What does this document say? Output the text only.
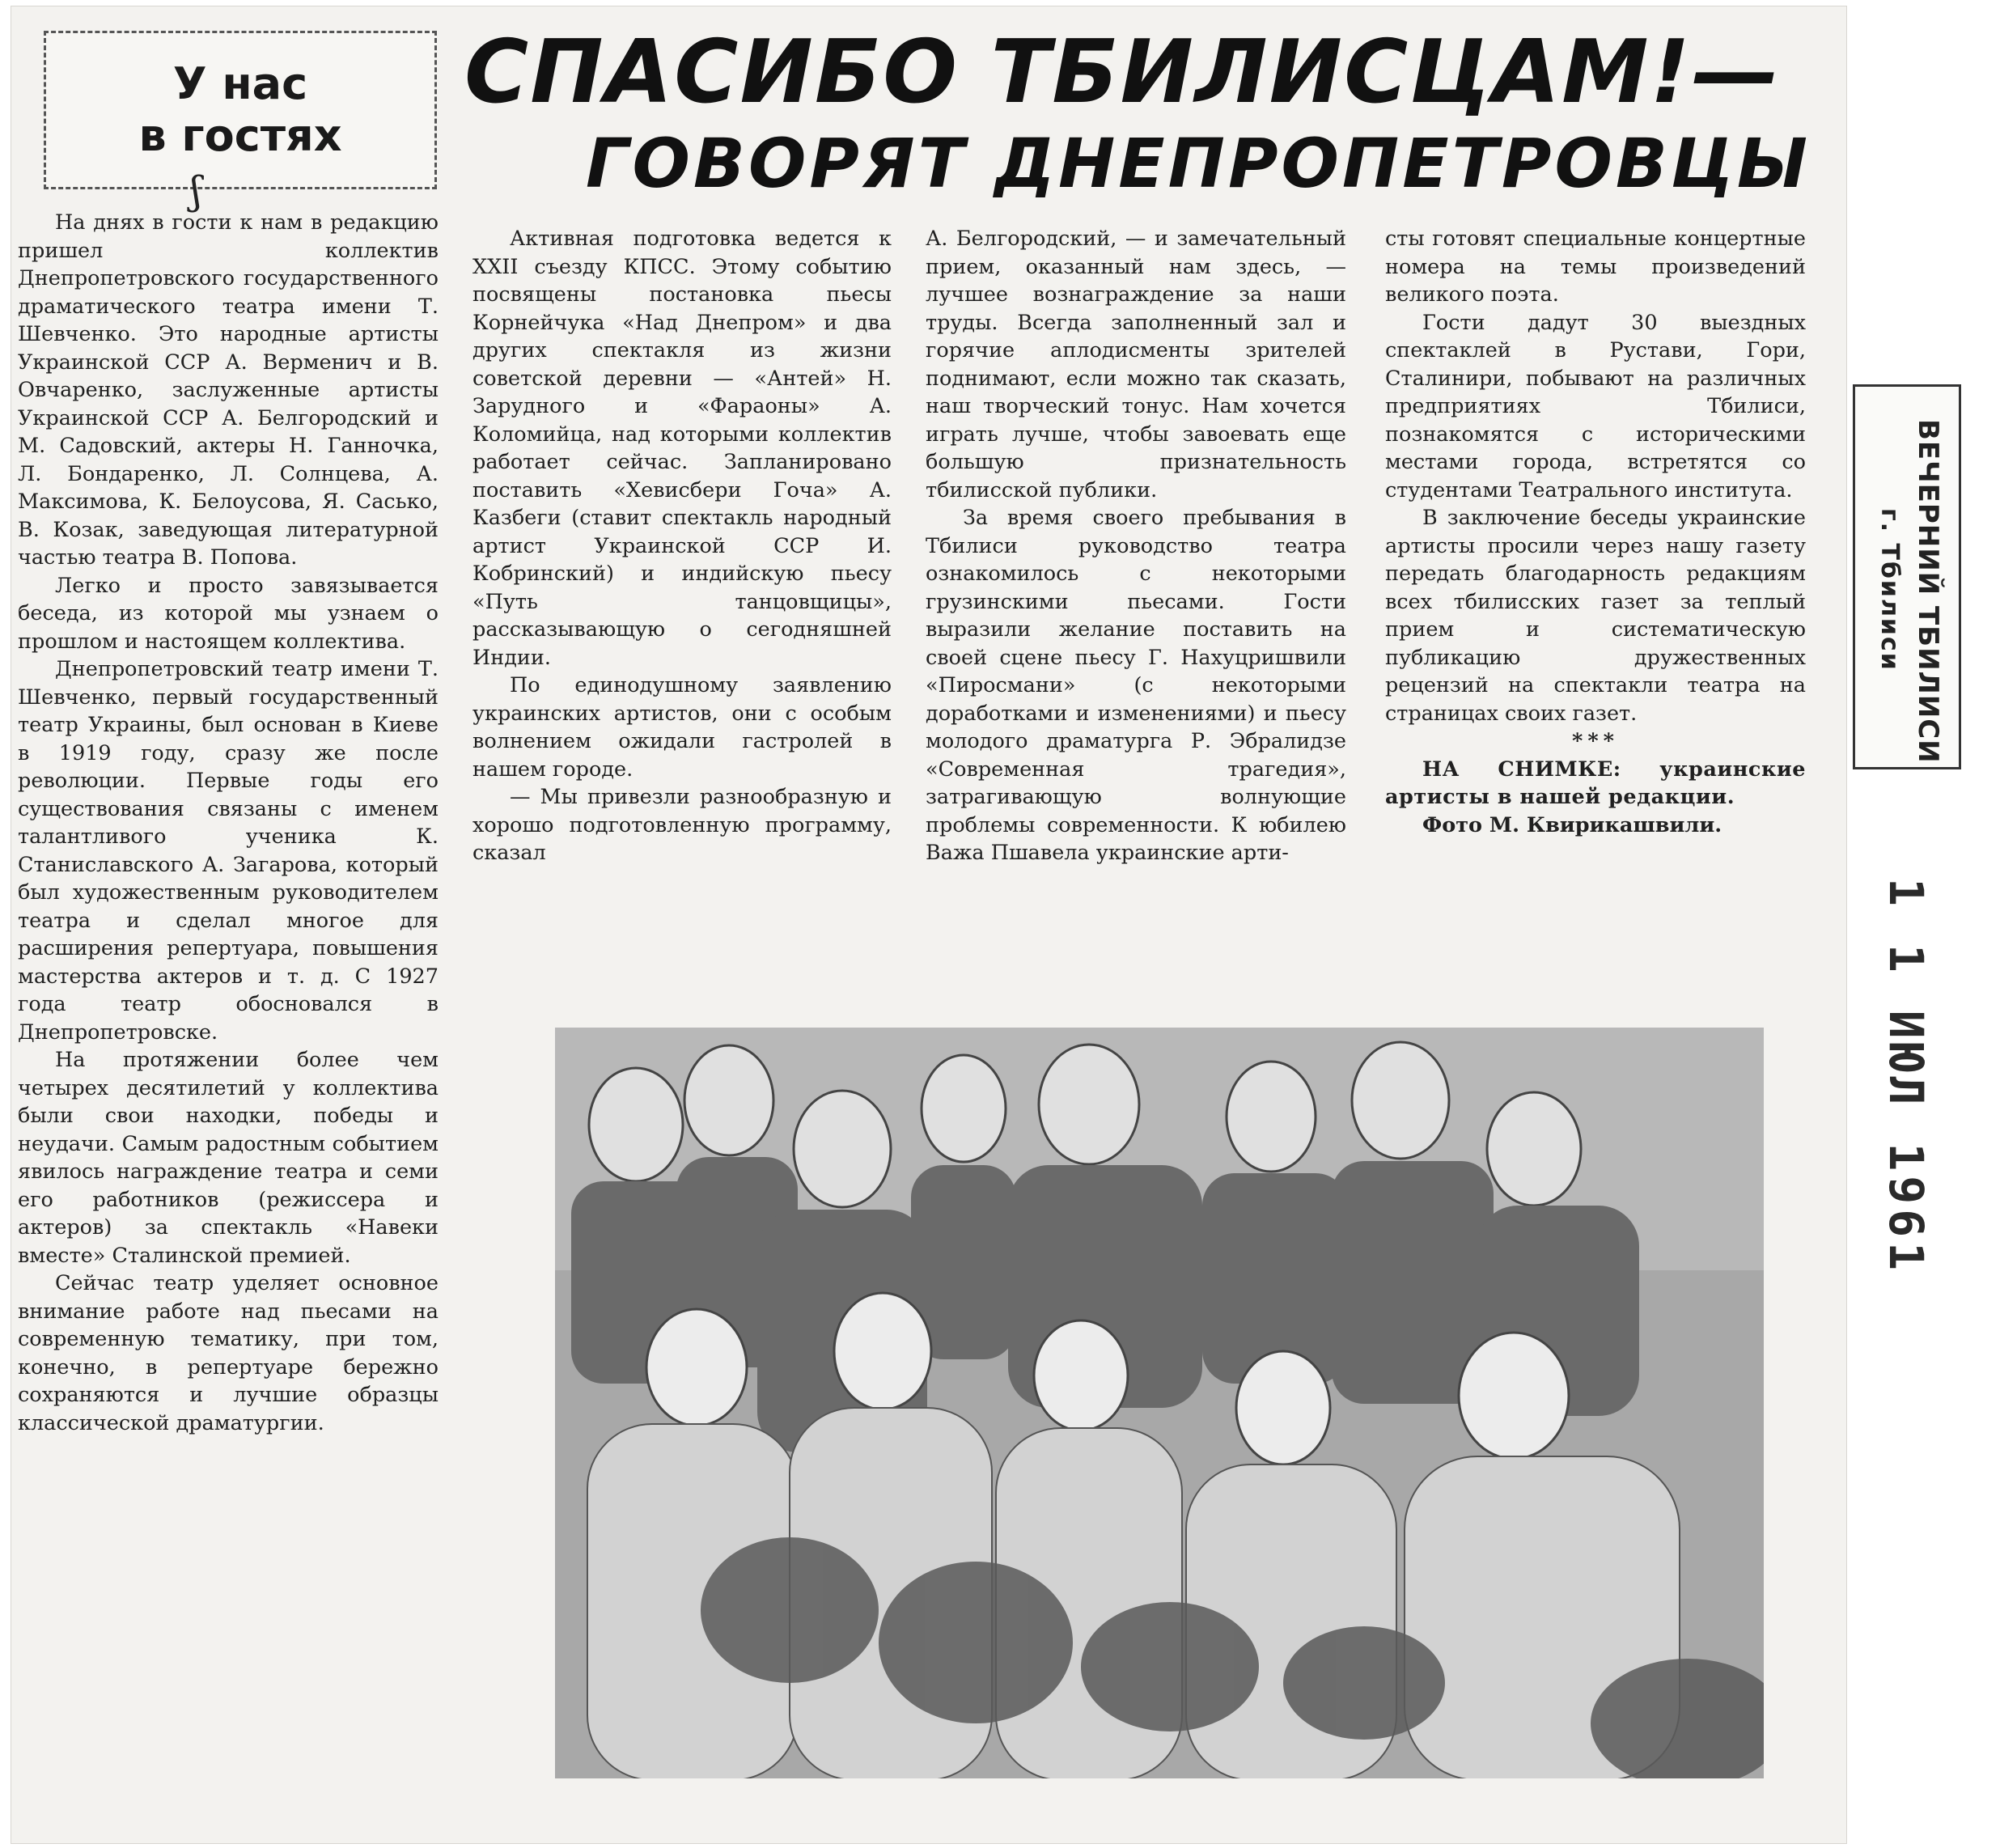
У нас
в гостях
ʃ
СПАСИБО ТБИЛИСЦАМ!—
ГОВОРЯТ ДНЕПРОПЕТРОВЦЫ

На днях в гости к нам в редакцию пришел коллектив Днепропетровского государственного драматического театра имени Т. Шевченко. Это народные артисты Украинской ССР А. Верменич и В. Овчаренко, заслуженные артисты Украинской ССР А. Белгородский и М. Садовский, актеры Н. Ганночка, Л. Бондаренко, Л. Солнцева, А. Максимова, К. Белоусова, Я. Сасько, В. Козак, заведующая литературной частью театра В. Попова.

Легко и просто завязывается беседа, из которой мы узнаем о прошлом и настоящем коллектива.

Днепропетровский театр имени Т. Шевченко, первый государственный театр Украины, был основан в Киеве в 1919 году, сразу же после революции. Первые годы его существования связаны с именем талантливого ученика К. Станиславского А. Загарова, который был художественным руководителем театра и сделал многое для расширения репертуара, повышения мастерства актеров и т. д. С 1927 года театр обосновался в Днепропетровске.

На протяжении более чем четырех десятилетий у коллектива были свои находки, победы и неудачи. Самым радостным событием явилось награждение театра и семи его работников (режиссера и актеров) за спектакль «Навеки вместе» Сталинской премией.

Сейчас театр уделяет основное внимание работе над пьесами на современную тематику, при том, конечно, в репертуаре бережно сохраняются и лучшие образцы классической драматургии.

Активная подготовка ведется к XXII съезду КПСС. Этому событию посвящены постановка пьесы Корнейчука «Над Днепром» и два других спектакля из жизни советской деревни — «Антей» Н. Зарудного и «Фараоны» А. Коломийца, над которыми коллектив работает сейчас. Запланировано поставить «Хевисбери Гоча» А. Казбеги (ставит спектакль народный артист Украинской ССР И. Кобринский) и индийскую пьесу «Путь танцовщицы», рассказывающую о сегодняшней Индии.

По единодушному заявлению украинских артистов, они с особым волнением ожидали гастролей в нашем городе.

— Мы привезли разнообразную и хорошо подготовленную программу, сказал

А. Белгородский, — и замечательный прием, оказанный нам здесь, — лучшее вознаграждение за наши труды. Всегда заполненный зал и горячие аплодисменты зрителей поднимают, если можно так сказать, наш творческий тонус. Нам хочется играть лучше, чтобы завоевать еще большую признательность тбилисской публики.

За время своего пребывания в Тбилиси руководство театра ознакомилось с некоторыми грузинскими пьесами. Гости выразили желание поставить на своей сцене пьесу Г. Нахуцришвили «Пиросмани» (с некоторыми доработками и изменениями) и пьесу молодого драматурга Р. Эбралидзе «Современная трагедия», затрагивающую волнующие проблемы современности. К юбилею Важа Пшавела украинские арти-

сты готовят специальные концертные номера на темы произведений великого поэта.

Гости дадут 30 выездных спектаклей в Рустави, Гори, Сталинири, побывают на различных предприятиях Тбилиси, познакомятся с историческими местами города, встретятся со студентами Театрального института.

В заключение беседы украинские артисты просили через нашу газету передать благодарность редакциям всех тбилисских газет за теплый прием и систематическую публикацию дружественных рецензий на спектакли театра на страницах своих газет.

***

НА СНИМКЕ: украинские артисты в нашей редакции.

Фото М. Квирикашвили.

ВЕЧЕРНИЙ ТБИЛИСИ
г. Тбилиси
1 1 ИЮЛ 1961
